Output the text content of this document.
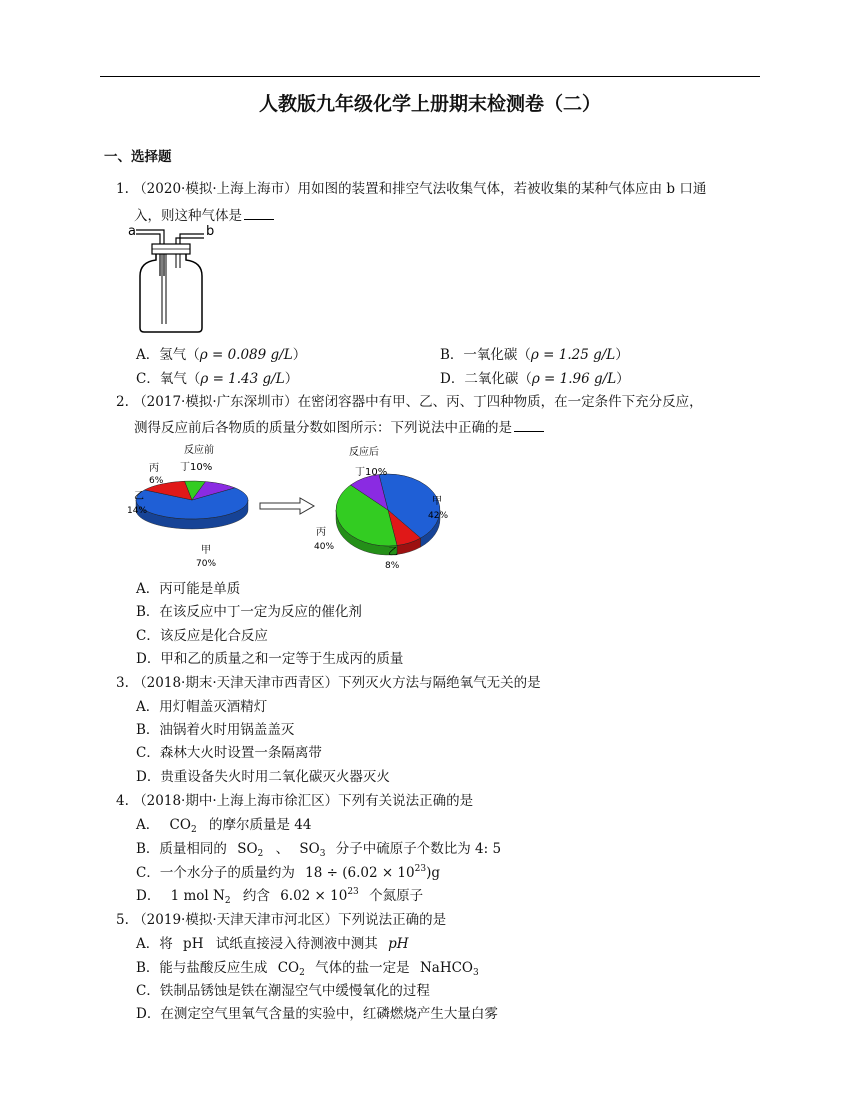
人教版九年级化学上册期末检测卷（二）
一、选择题
1. （2020·模拟·上海上海市）用如图的装置和排空气法收集气体，若被收集的某种气体应由 b 口通
入，则这种气体是
a	b
A．氢气（ρ = 0.089 g/L）	B．一氧化碳（ρ = 1.25 g/L）
C．氧气（ρ = 1.43 g/L）	D．二氧化碳（ρ = 1.96 g/L）
2. （2017·模拟·广东深圳市）在密闭容器中有甲、乙、丙、丁四种物质，在一定条件下充分反应，
测得反应前后各物质的质量分数如图所示：下列说法中正确的是
反应前
丙
6%
丁10%
乙
14%
甲
70%
反应后
丁10%
甲
42%
丙
40%	乙
8%
A．丙可能是单质
B．在该反应中丁一定为反应的催化剂
C．该反应是化合反应
D．甲和乙的质量之和一定等于生成丙的质量
3. （2018·期末·天津天津市西青区）下列灭火方法与隔绝氧气无关的是
A．用灯帽盖灭酒精灯
B．油锅着火时用锅盖盖灭
C．森林大火时设置一条隔离带
D．贵重设备失火时用二氧化碳灭火器灭火
4. （2018·期中·上海上海市徐汇区）下列有关说法正确的是
A． $CO_2$ 的摩尔质量是 44
B．质量相同的 $SO_2$ 、 $SO_3$ 分子中硫原子个数比为 4: 5
C．一个水分子的质量约为 $18 \div (6.02 \times 10^{23})g$
D． 1 mol $N_2$ 约含 $6.02 \times 10^{23}$ 个氮原子
5. （2019·模拟·天津天津市河北区）下列说法正确的是
A．将 pH 试纸直接浸入待测液中测其 pH
B．能与盐酸反应生成 $CO_2$ 气体的盐一定是 NaHCO$_3$
C．铁制品锈蚀是铁在潮湿空气中缓慢氧化的过程
D．在测定空气里氧气含量的实验中，红磷燃烧产生大量白雾
